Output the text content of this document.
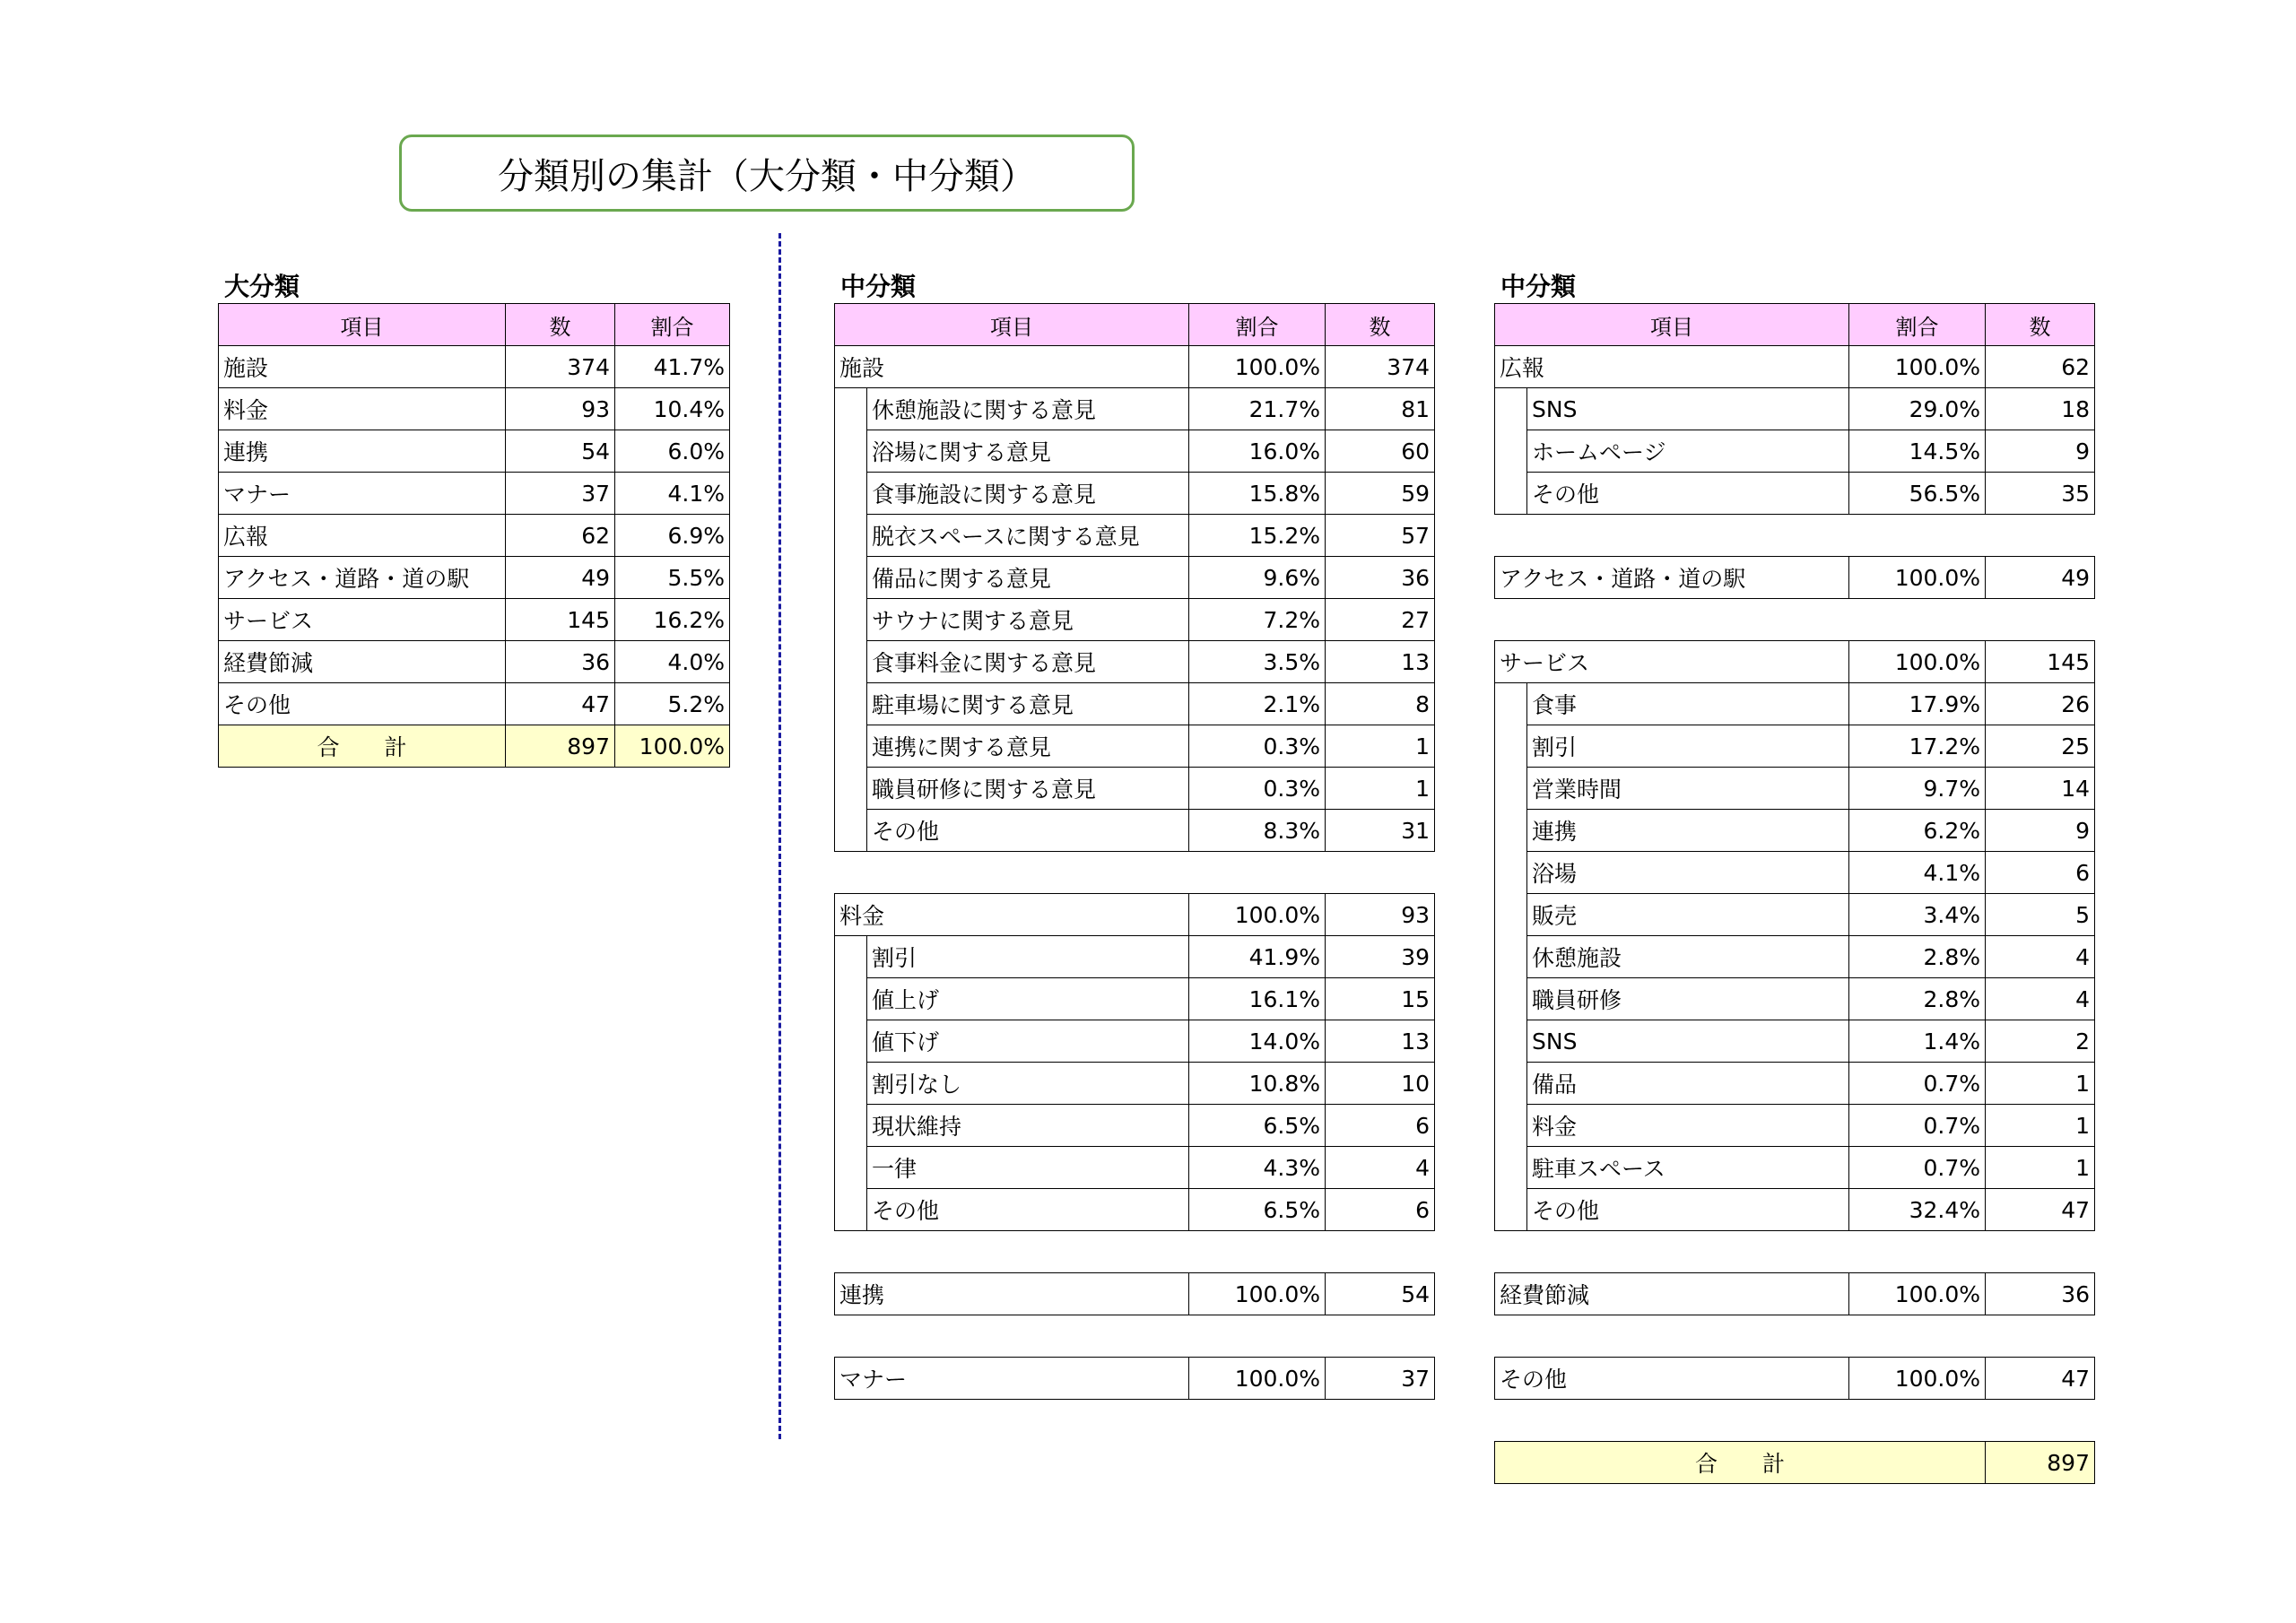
分類別の集計（大分類・中分類）
大分類
項目	数	割合
施設	374	41.7%
料金	93	10.4%
連携	54	6.0%
マナー	37	4.1%
広報	62	6.9%
アクセス・道路・道の駅	49	5.5%
サービス	145	16.2%
経費節減	36	4.0%
その他	47	5.2%
合　　計	897	100.0%
中分類
項目	割合	数
施設		100.0%	374
	休憩施設に関する意見	21.7%	81
	浴場に関する意見	16.0%	60
	食事施設に関する意見	15.8%	59
	脱衣スペースに関する意見	15.2%	57
	備品に関する意見	9.6%	36
	サウナに関する意見	7.2%	27
	食事料金に関する意見	3.5%	13
	駐車場に関する意見	2.1%	8
	連携に関する意見	0.3%	1
	職員研修に関する意見	0.3%	1
	その他	8.3%	31
料金		100.0%	93
	割引	41.9%	39
	値上げ	16.1%	15
	値下げ	14.0%	13
	割引なし	10.8%	10
	現状維持	6.5%	6
	一律	4.3%	4
	その他	6.5%	6
連携	100.0%	54
マナー	100.0%	37
中分類
項目	割合	数
広報		100.0%	62
	SNS	29.0%	18
	ホームページ	14.5%	9
	その他	56.5%	35
アクセス・道路・道の駅	100.0%	49
サービス		100.0%	145
	食事	17.9%	26
	割引	17.2%	25
	営業時間	9.7%	14
	連携	6.2%	9
	浴場	4.1%	6
	販売	3.4%	5
	休憩施設	2.8%	4
	職員研修	2.8%	4
	SNS	1.4%	2
	備品	0.7%	1
	料金	0.7%	1
	駐車スペース	0.7%	1
	その他	32.4%	47
経費節減	100.0%	36
その他	100.0%	47
合　　計	897
